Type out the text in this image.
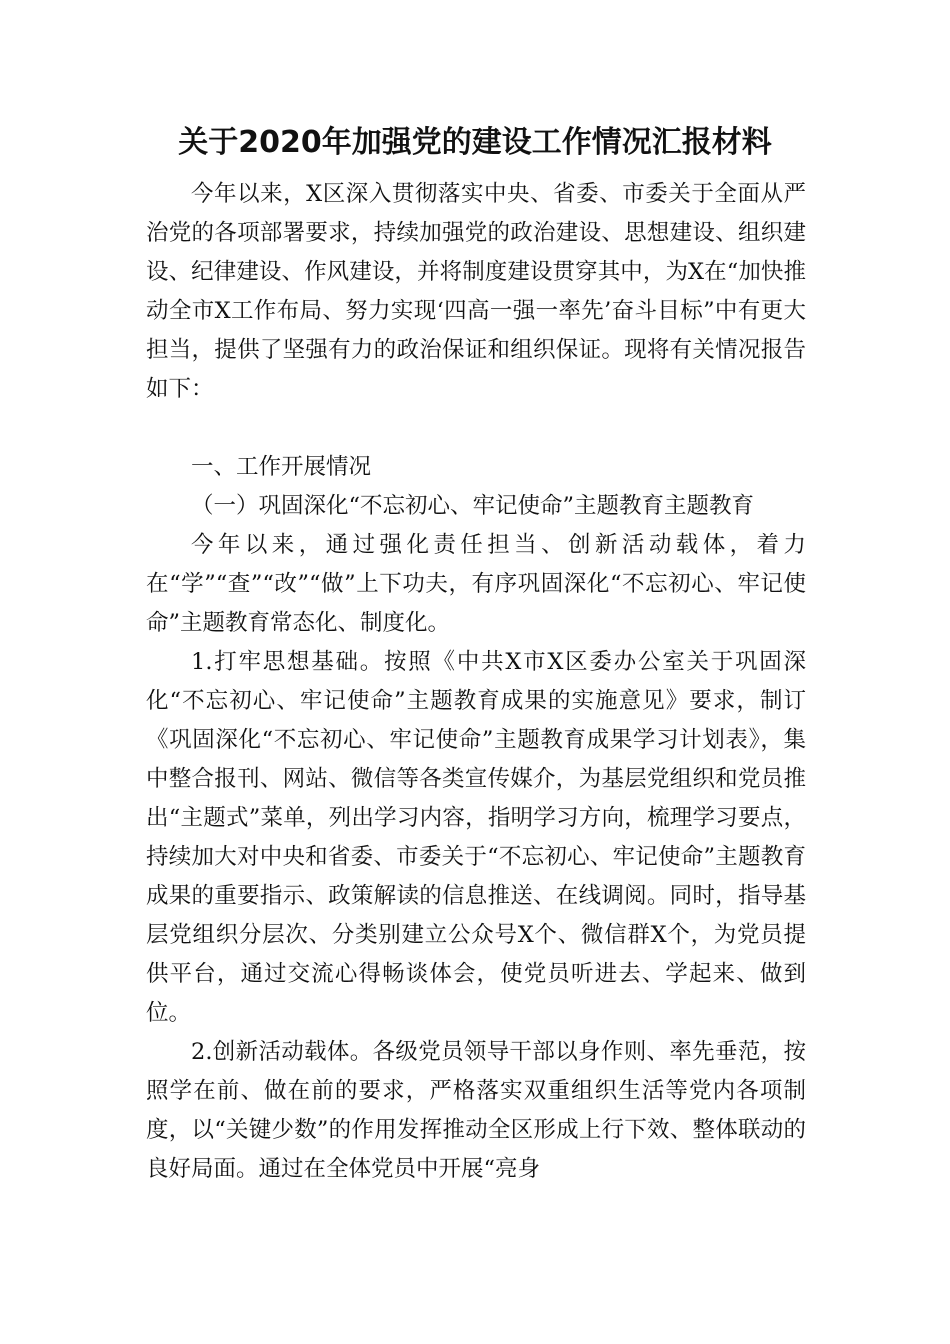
关于2020年加强党的建设工作情况汇报材料

今年以来，X区深入贯彻落实中央、省委、市委关于全面从严治党的各项部署要求，持续加强党的政治建设、思想建设、组织建设、纪律建设、作风建设，并将制度建设贯穿其中，为X在“加快推动全市X工作布局、努力实现‘四高一强一率先’奋斗目标”中有更大担当，提供了坚强有力的政治保证和组织保证。现将有关情况报告如下：

一、工作开展情况

（一）巩固深化“不忘初心、牢记使命”主题教育主题教育

今年以来，通过强化责任担当、创新活动载体，着力在“学”“查”“改”“做”上下功夫，有序巩固深化“不忘初心、牢记使命”主题教育常态化、制度化。

1.打牢思想基础。按照《中共X市X区委办公室关于巩固深化“不忘初心、牢记使命”主题教育成果的实施意见》要求，制订《巩固深化“不忘初心、牢记使命”主题教育成果学习计划表》，集中整合报刊、网站、微信等各类宣传媒介，为基层党组织和党员推出“主题式”菜单，列出学习内容，指明学习方向，梳理学习要点，持续加大对中央和省委、市委关于“不忘初心、牢记使命”主题教育成果的重要指示、政策解读的信息推送、在线调阅。同时，指导基层党组织分层次、分类别建立公众号X个、微信群X个，为党员提供平台，通过交流心得畅谈体会，使党员听进去、学起来、做到位。

2.创新活动载体。各级党员领导干部以身作则、率先垂范，按照学在前、做在前的要求，严格落实双重组织生活等党内各项制度，以“关键少数”的作用发挥推动全区形成上行下效、整体联动的良好局面。通过在全体党员中开展“亮身
